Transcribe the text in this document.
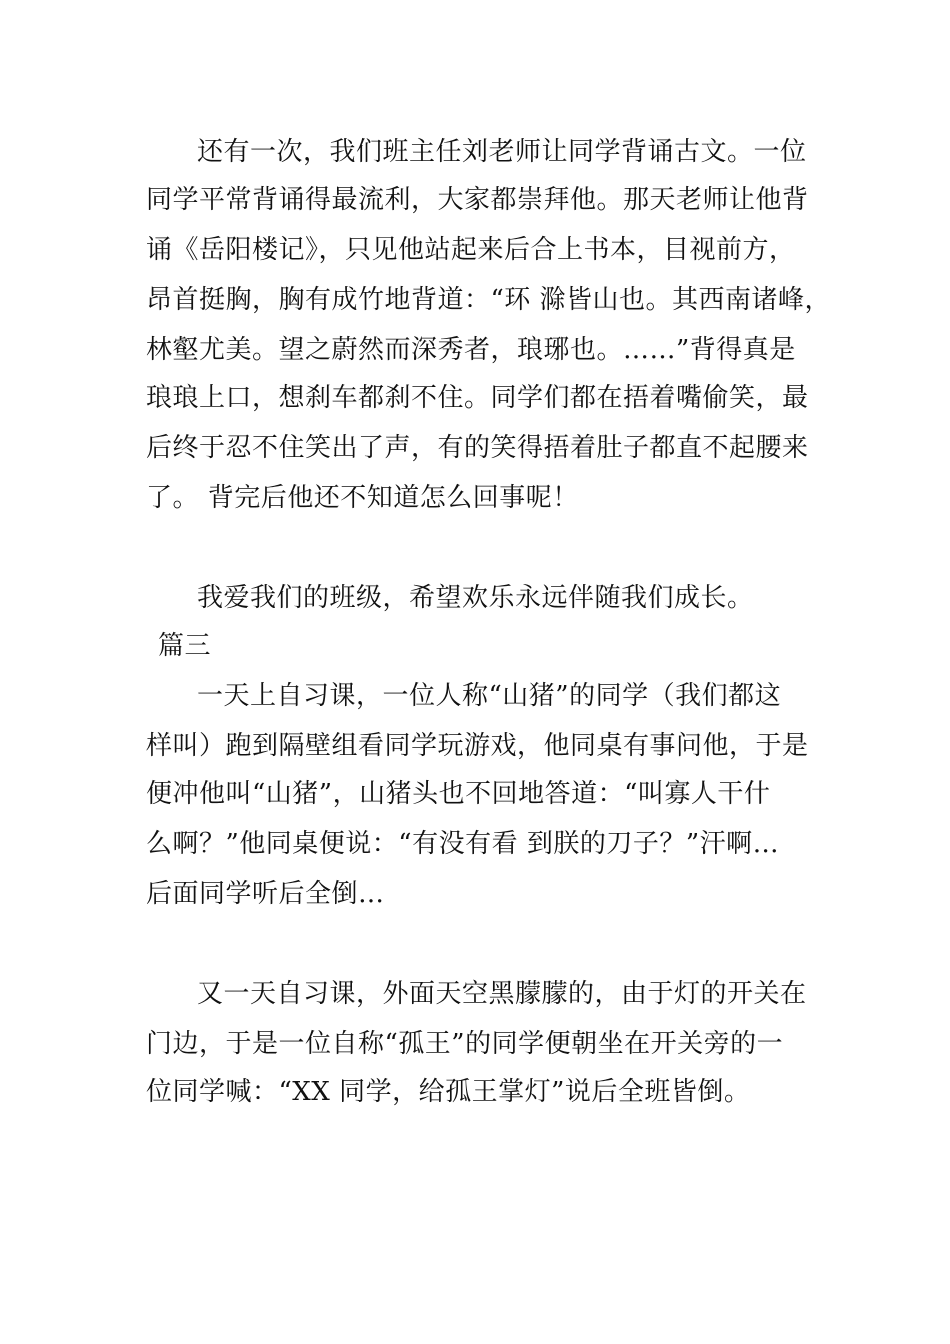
还有一次，我们班主任刘老师让同学背诵古文。一位
同学平常背诵得最流利，大家都崇拜他。那天老师让他背
诵《岳阳楼记》，只见他站起来后合上书本，目视前方，
昂首挺胸，胸有成竹地背道：“环 滁皆山也。其西南诸峰，
林壑尤美。望之蔚然而深秀者，琅琊也。……”背得真是
琅琅上口，想刹车都刹不住。同学们都在捂着嘴偷笑，最
后终于忍不住笑出了声，有的笑得捂着肚子都直不起腰来
了。 背完后他还不知道怎么回事呢！
我爱我们的班级，希望欢乐永远伴随我们成长。
篇三
一天上自习课，一位人称“山猪”的同学（我们都这
样叫）跑到隔壁组看同学玩游戏，他同桌有事问他，于是
便冲他叫“山猪”，山猪头也不回地答道：“叫寡人干什
么啊？”他同桌便说：“有没有看 到朕的刀子？”汗啊…
后面同学听后全倒…
又一天自习课，外面天空黑朦朦的，由于灯的开关在
门边，于是一位自称“孤王”的同学便朝坐在开关旁的一
位同学喊：“XX 同学，给孤王掌灯”说后全班皆倒。
